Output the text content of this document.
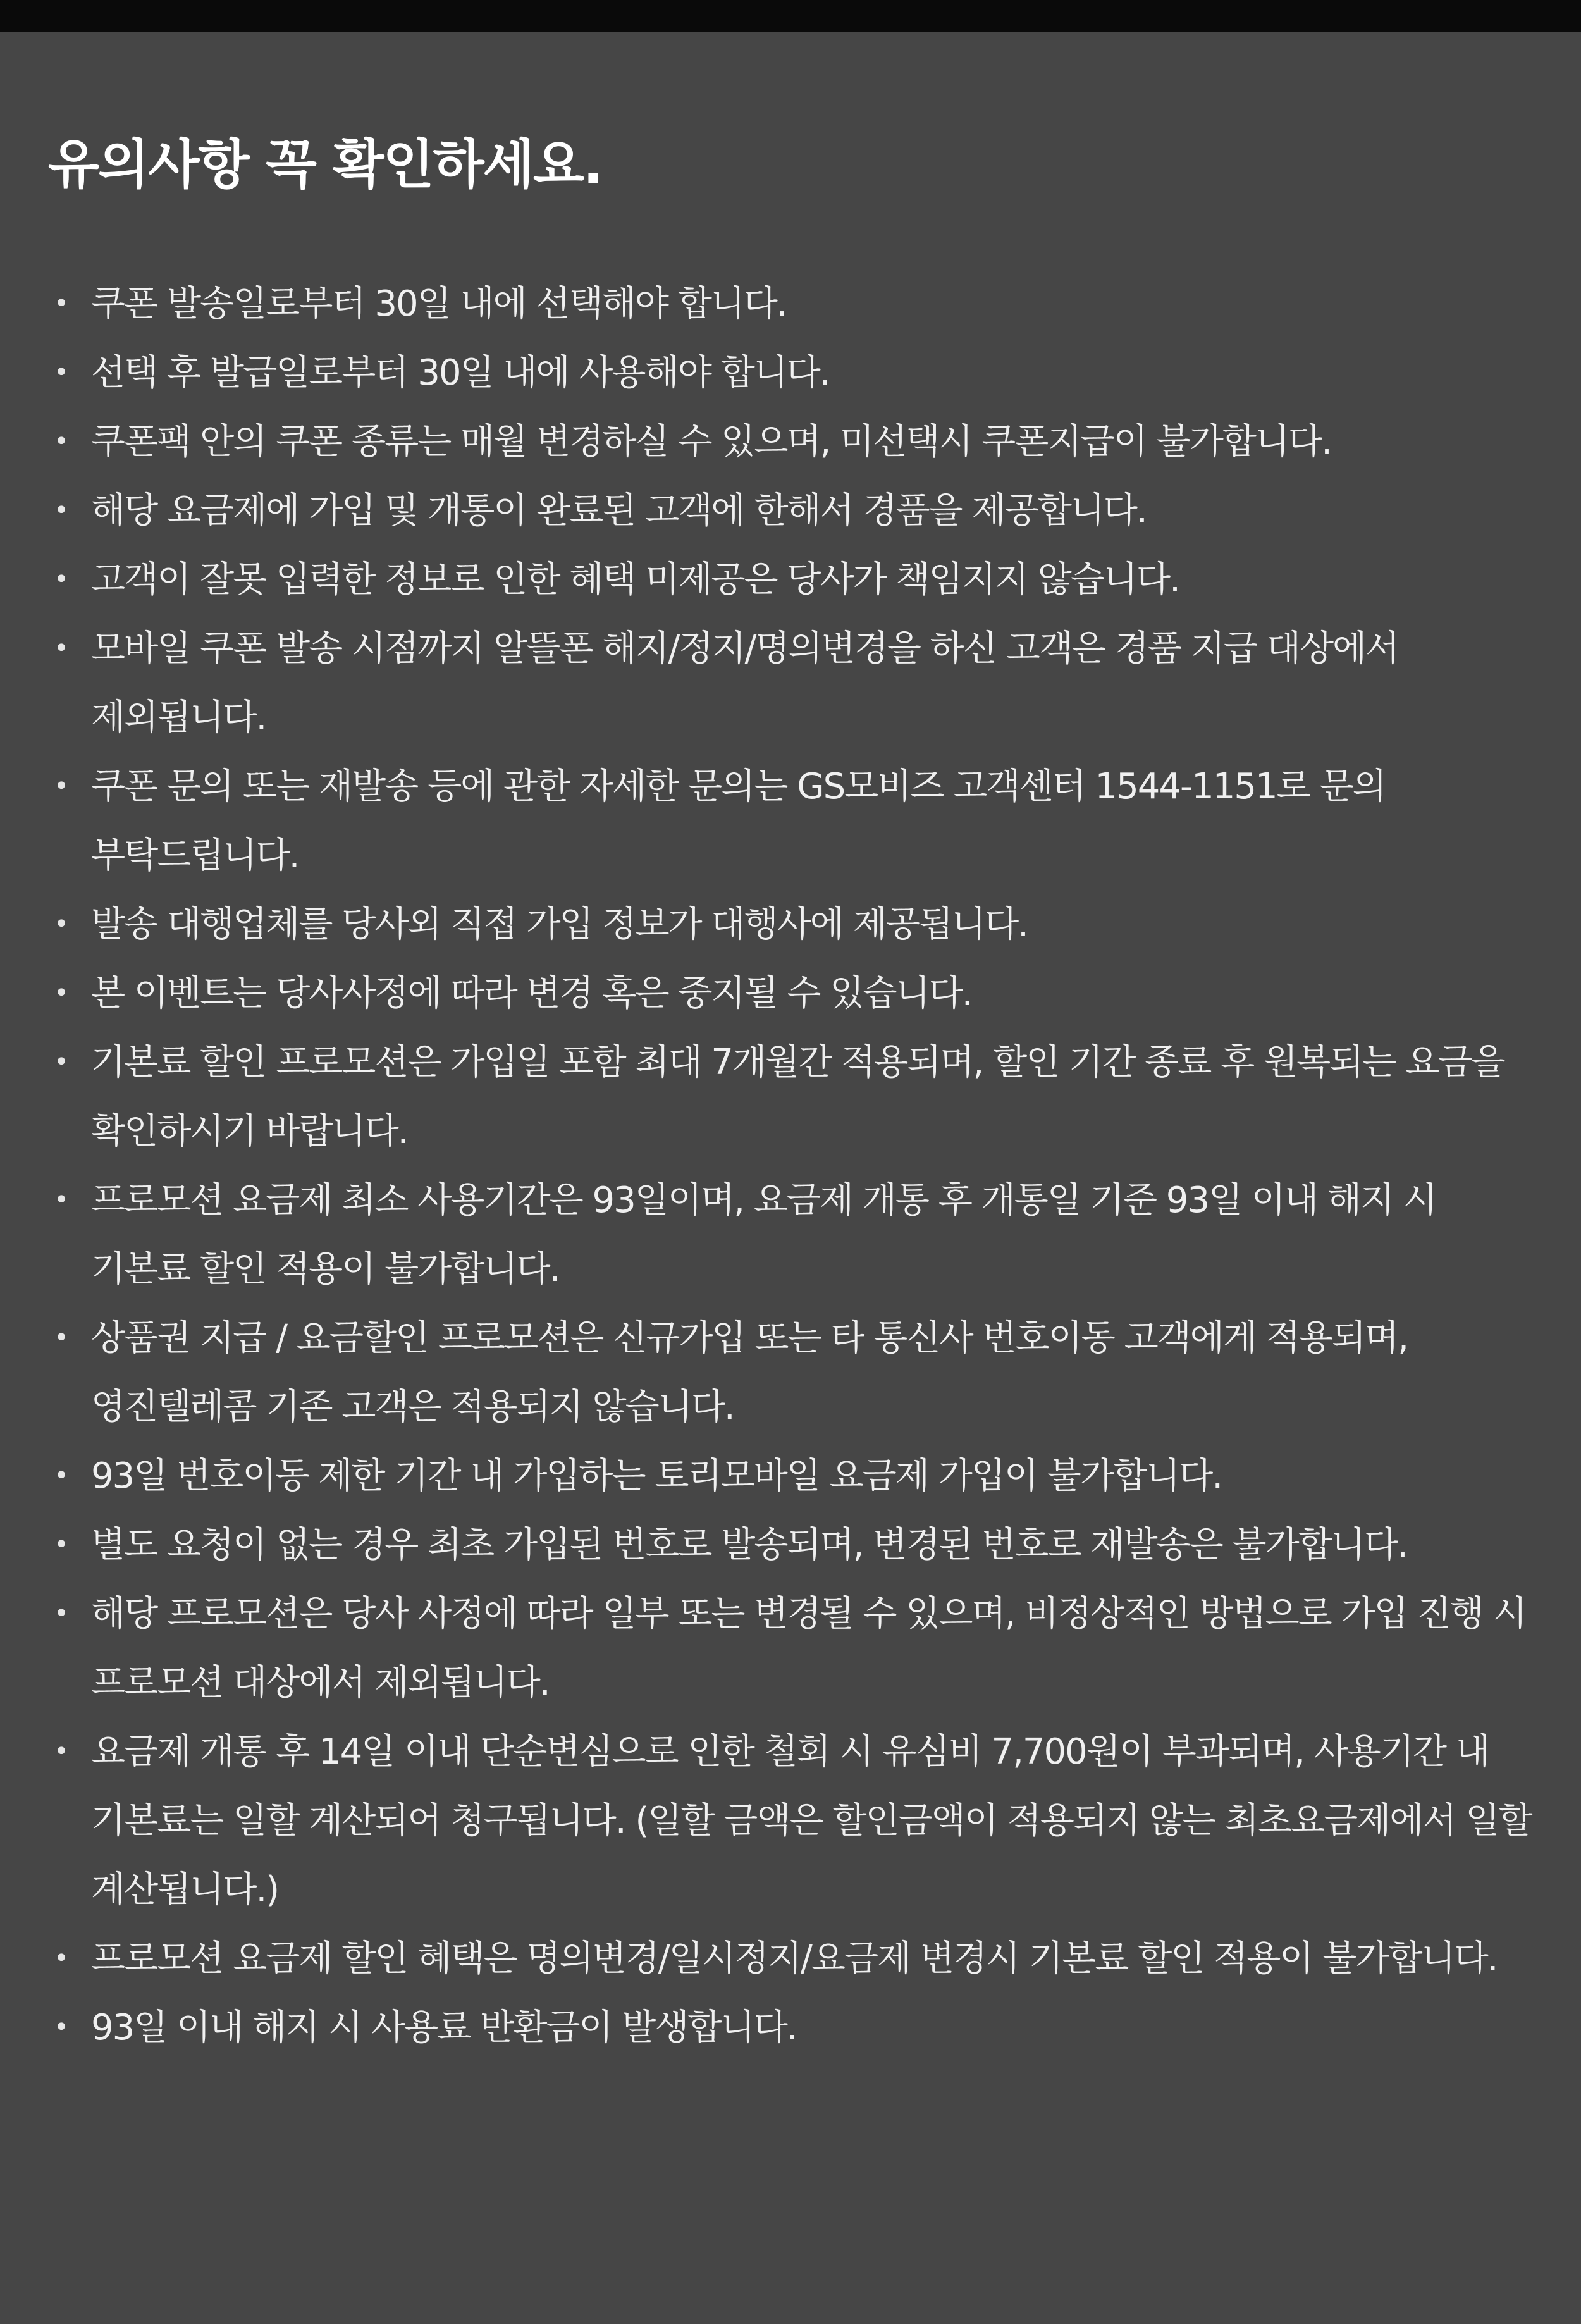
유의사항 꼭 확인하세요.
• 쿠폰 발송일로부터 30일 내에 선택해야 합니다.
• 선택 후 발급일로부터 30일 내에 사용해야 합니다.
• 쿠폰팩 안의 쿠폰 종류는 매월 변경하실 수 있으며, 미선택시 쿠폰지급이 불가합니다.
• 해당 요금제에 가입 및 개통이 완료된 고객에 한해서 경품을 제공합니다.
• 고객이 잘못 입력한 정보로 인한 혜택 미제공은 당사가 책임지지 않습니다.
• 모바일 쿠폰 발송 시점까지 알뜰폰 해지/정지/명의변경을 하신 고객은 경품 지급 대상에서 제외됩니다.
• 쿠폰 문의 또는 재발송 등에 관한 자세한 문의는 GS모비즈 고객센터 1544-1151로 문의 부탁드립니다.
• 발송 대행업체를 당사외 직접 가입 정보가 대행사에 제공됩니다.
• 본 이벤트는 당사사정에 따라 변경 혹은 중지될 수 있습니다.
• 기본료 할인 프로모션은 가입일 포함 최대 7개월간 적용되며, 할인 기간 종료 후 원복되는 요금을 확인하시기 바랍니다.
• 프로모션 요금제 최소 사용기간은 93일이며, 요금제 개통 후 개통일 기준 93일 이내 해지 시 기본료 할인 적용이 불가합니다.
• 상품권 지급 / 요금할인 프로모션은 신규가입 또는 타 통신사 번호이동 고객에게 적용되며, 영진텔레콤 기존 고객은 적용되지 않습니다.
• 93일 번호이동 제한 기간 내 가입하는 토리모바일 요금제 가입이 불가합니다.
• 별도 요청이 없는 경우 최초 가입된 번호로 발송되며, 변경된 번호로 재발송은 불가합니다.
• 해당 프로모션은 당사 사정에 따라 일부 또는 변경될 수 있으며, 비정상적인 방법으로 가입 진행 시 프로모션 대상에서 제외됩니다.
• 요금제 개통 후 14일 이내 단순변심으로 인한 철회 시 유심비 7,700원이 부과되며, 사용기간 내 기본료는 일할 계산되어 청구됩니다. (일할 금액은 할인금액이 적용되지 않는 최초요금제에서 일할 계산됩니다.)
• 프로모션 요금제 할인 혜택은 명의변경/일시정지/요금제 변경시 기본료 할인 적용이 불가합니다.
• 93일 이내 해지 시 사용료 반환금이 발생합니다.
